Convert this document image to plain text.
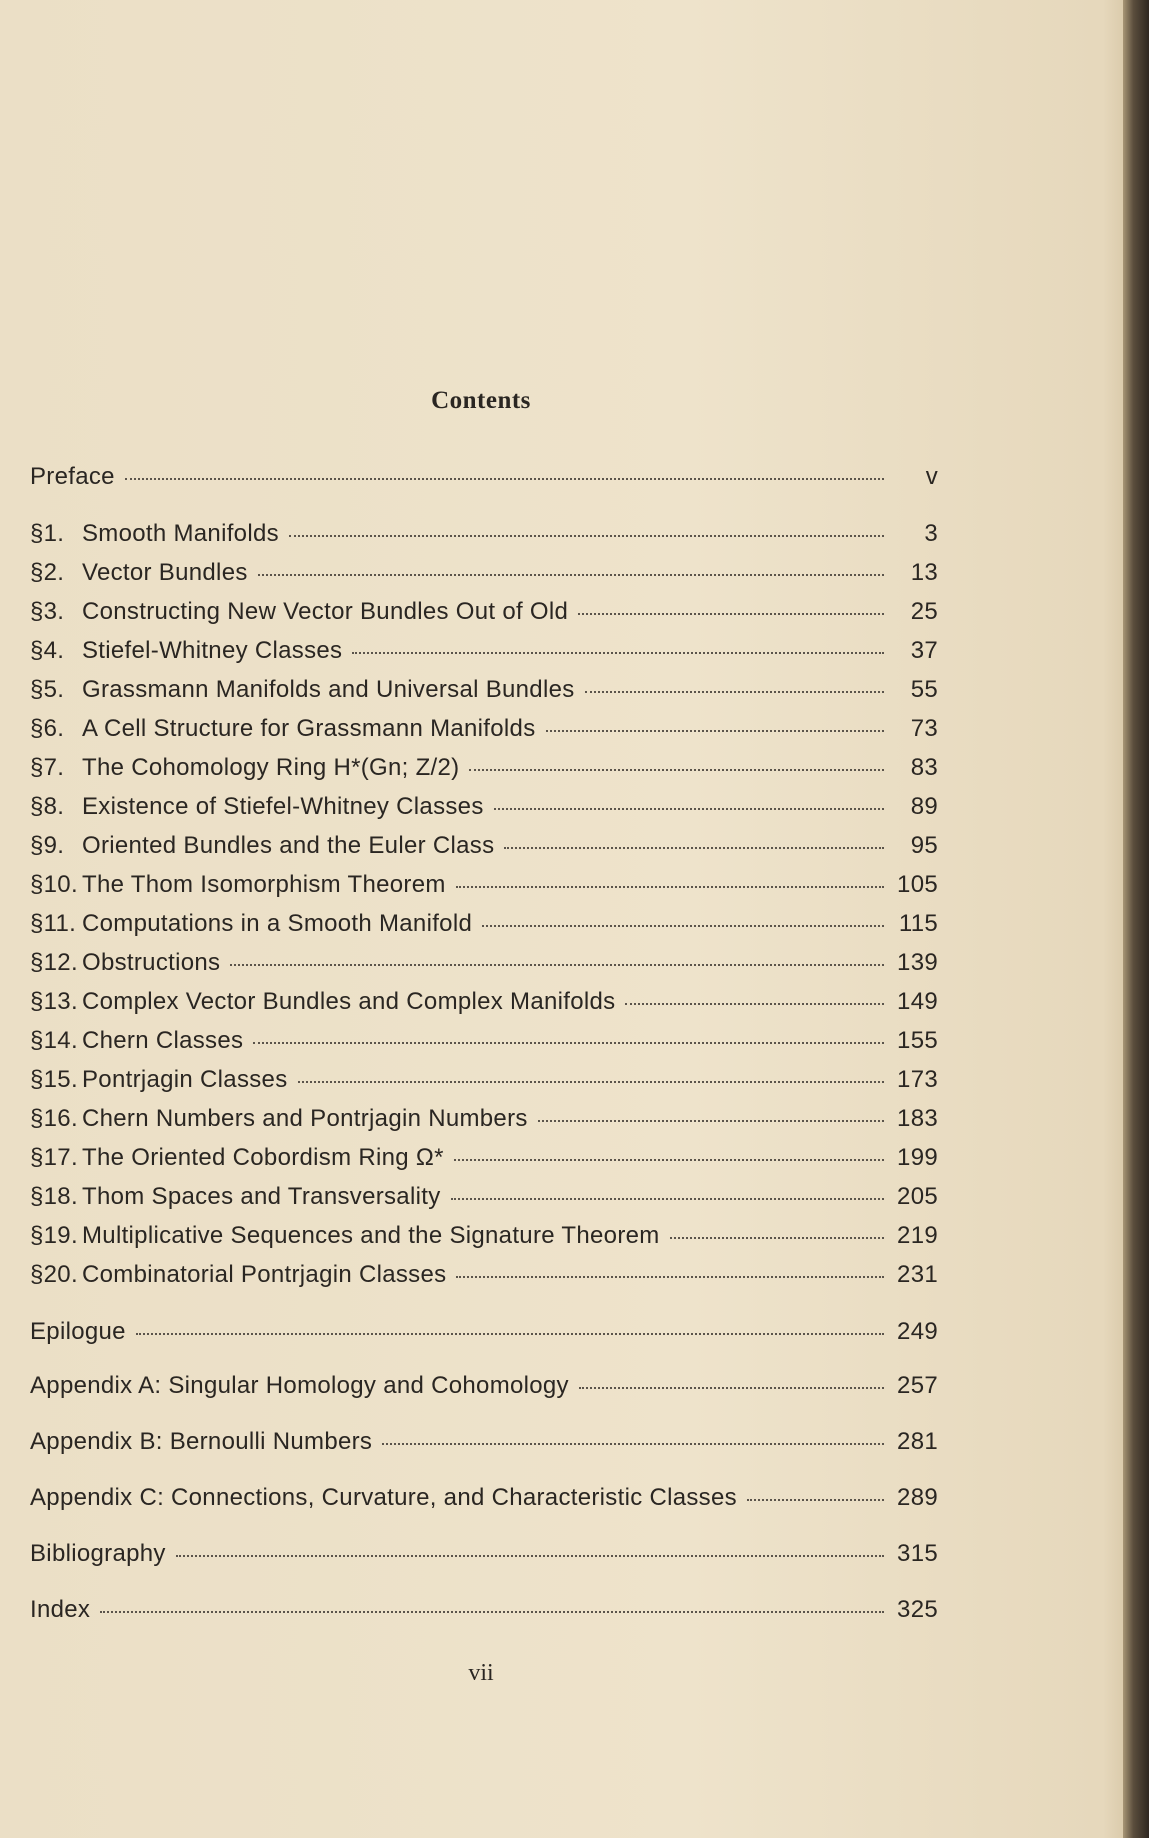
Contents
Preface	v
§1. Smooth Manifolds	3
§2. Vector Bundles	13
§3. Constructing New Vector Bundles Out of Old	25
§4. Stiefel-Whitney Classes	37
§5. Grassmann Manifolds and Universal Bundles	55
§6. A Cell Structure for Grassmann Manifolds	73
§7. The Cohomology Ring H*(Gn; Z/2)	83
§8. Existence of Stiefel-Whitney Classes	89
§9. Oriented Bundles and the Euler Class	95
§10. The Thom Isomorphism Theorem	105
§11. Computations in a Smooth Manifold	115
§12. Obstructions	139
§13. Complex Vector Bundles and Complex Manifolds	149
§14. Chern Classes	155
§15. Pontrjagin Classes	173
§16. Chern Numbers and Pontrjagin Numbers	183
§17. The Oriented Cobordism Ring Ω*	199
§18. Thom Spaces and Transversality	205
§19. Multiplicative Sequences and the Signature Theorem	219
§20. Combinatorial Pontrjagin Classes	231
Epilogue	249
Appendix A: Singular Homology and Cohomology	257
Appendix B: Bernoulli Numbers	281
Appendix C: Connections, Curvature, and Characteristic Classes	289
Bibliography	315
Index	325
vii
